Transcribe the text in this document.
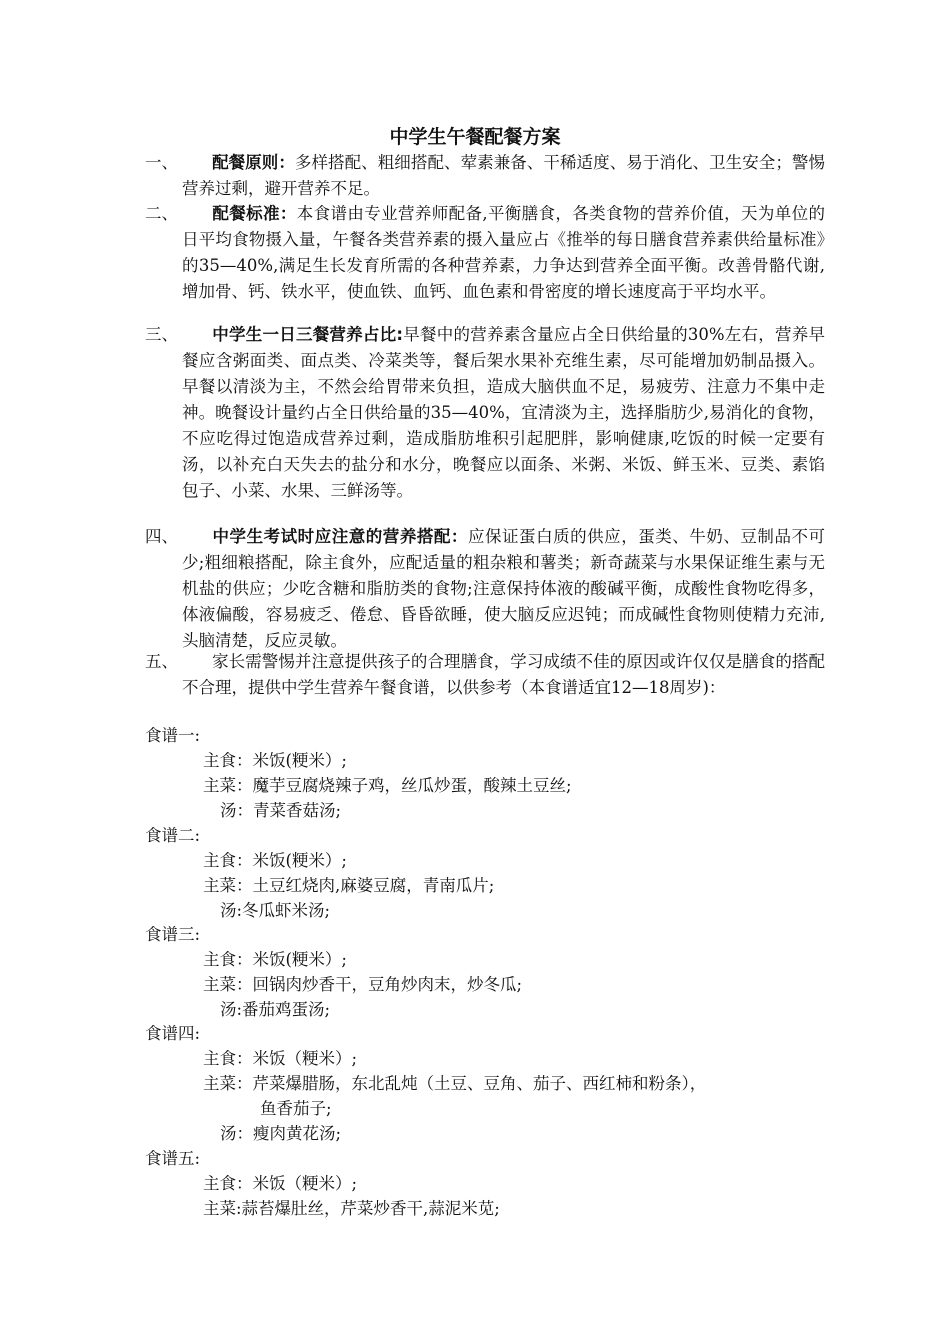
中学生午餐配餐方案
一、	配餐原则：多样搭配、粗细搭配、荤素兼备、干稀适度、易于消化、卫生安全；警惕营养过剩，避开营养不足。
二、	配餐标准：本食谱由专业营养师配备,平衡膳食，各类食物的营养价值，天为单位的日平均食物摄入量，午餐各类营养素的摄入量应占《推举的每日膳食营养素供给量标准》的35—40%,满足生长发育所需的各种营养素，力争达到营养全面平衡。改善骨骼代谢,增加骨、钙、铁水平，使血铁、血钙、血色素和骨密度的增长速度高于平均水平。
三、	中学生一日三餐营养占比:早餐中的营养素含量应占全日供给量的30%左右，营养早餐应含粥面类、面点类、冷菜类等，餐后架水果补充维生素，尽可能增加奶制品摄入。早餐以清淡为主，不然会给胃带来负担，造成大脑供血不足，易疲劳、注意力不集中走神。晚餐设计量约占全日供给量的35—40%，宜清淡为主，选择脂肪少,易消化的食物，不应吃得过饱造成营养过剩，造成脂肪堆积引起肥胖，影响健康,吃饭的时候一定要有汤，以补充白天失去的盐分和水分，晚餐应以面条、米粥、米饭、鲜玉米、豆类、素馅包子、小菜、水果、三鲜汤等。
四、	中学生考试时应注意的营养搭配：应保证蛋白质的供应，蛋类、牛奶、豆制品不可少;粗细粮搭配，除主食外，应配适量的粗杂粮和薯类；新奇蔬菜与水果保证维生素与无机盐的供应；少吃含糖和脂肪类的食物;注意保持体液的酸碱平衡，成酸性食物吃得多，体液偏酸，容易疲乏、倦怠、昏昏欲睡，使大脑反应迟钝；而成碱性食物则使精力充沛,头脑清楚，反应灵敏。
五、	家长需警惕并注意提供孩子的合理膳食，学习成绩不佳的原因或许仅仅是膳食的搭配不合理，提供中学生营养午餐食谱，以供参考（本食谱适宜12—18周岁)：
食谱一:
主食：米饭(粳米）;
主菜：魔芋豆腐烧辣子鸡，丝瓜炒蛋，酸辣土豆丝;
汤：青菜香菇汤;
食谱二:
主食：米饭(粳米）;
主菜：土豆红烧肉,麻婆豆腐，青南瓜片;
汤:冬瓜虾米汤;
食谱三:
主食：米饭(粳米）;
主菜：回锅肉炒香干，豆角炒肉末，炒冬瓜;
汤:番茄鸡蛋汤;
食谱四:
主食：米饭（粳米）;
主菜：芹菜爆腊肠，东北乱炖（土豆、豆角、茄子、西红柿和粉条），
鱼香茄子;
汤：瘦肉黄花汤;
食谱五:
主食：米饭（粳米）;
主菜:蒜苔爆肚丝，芹菜炒香干,蒜泥米苋;
